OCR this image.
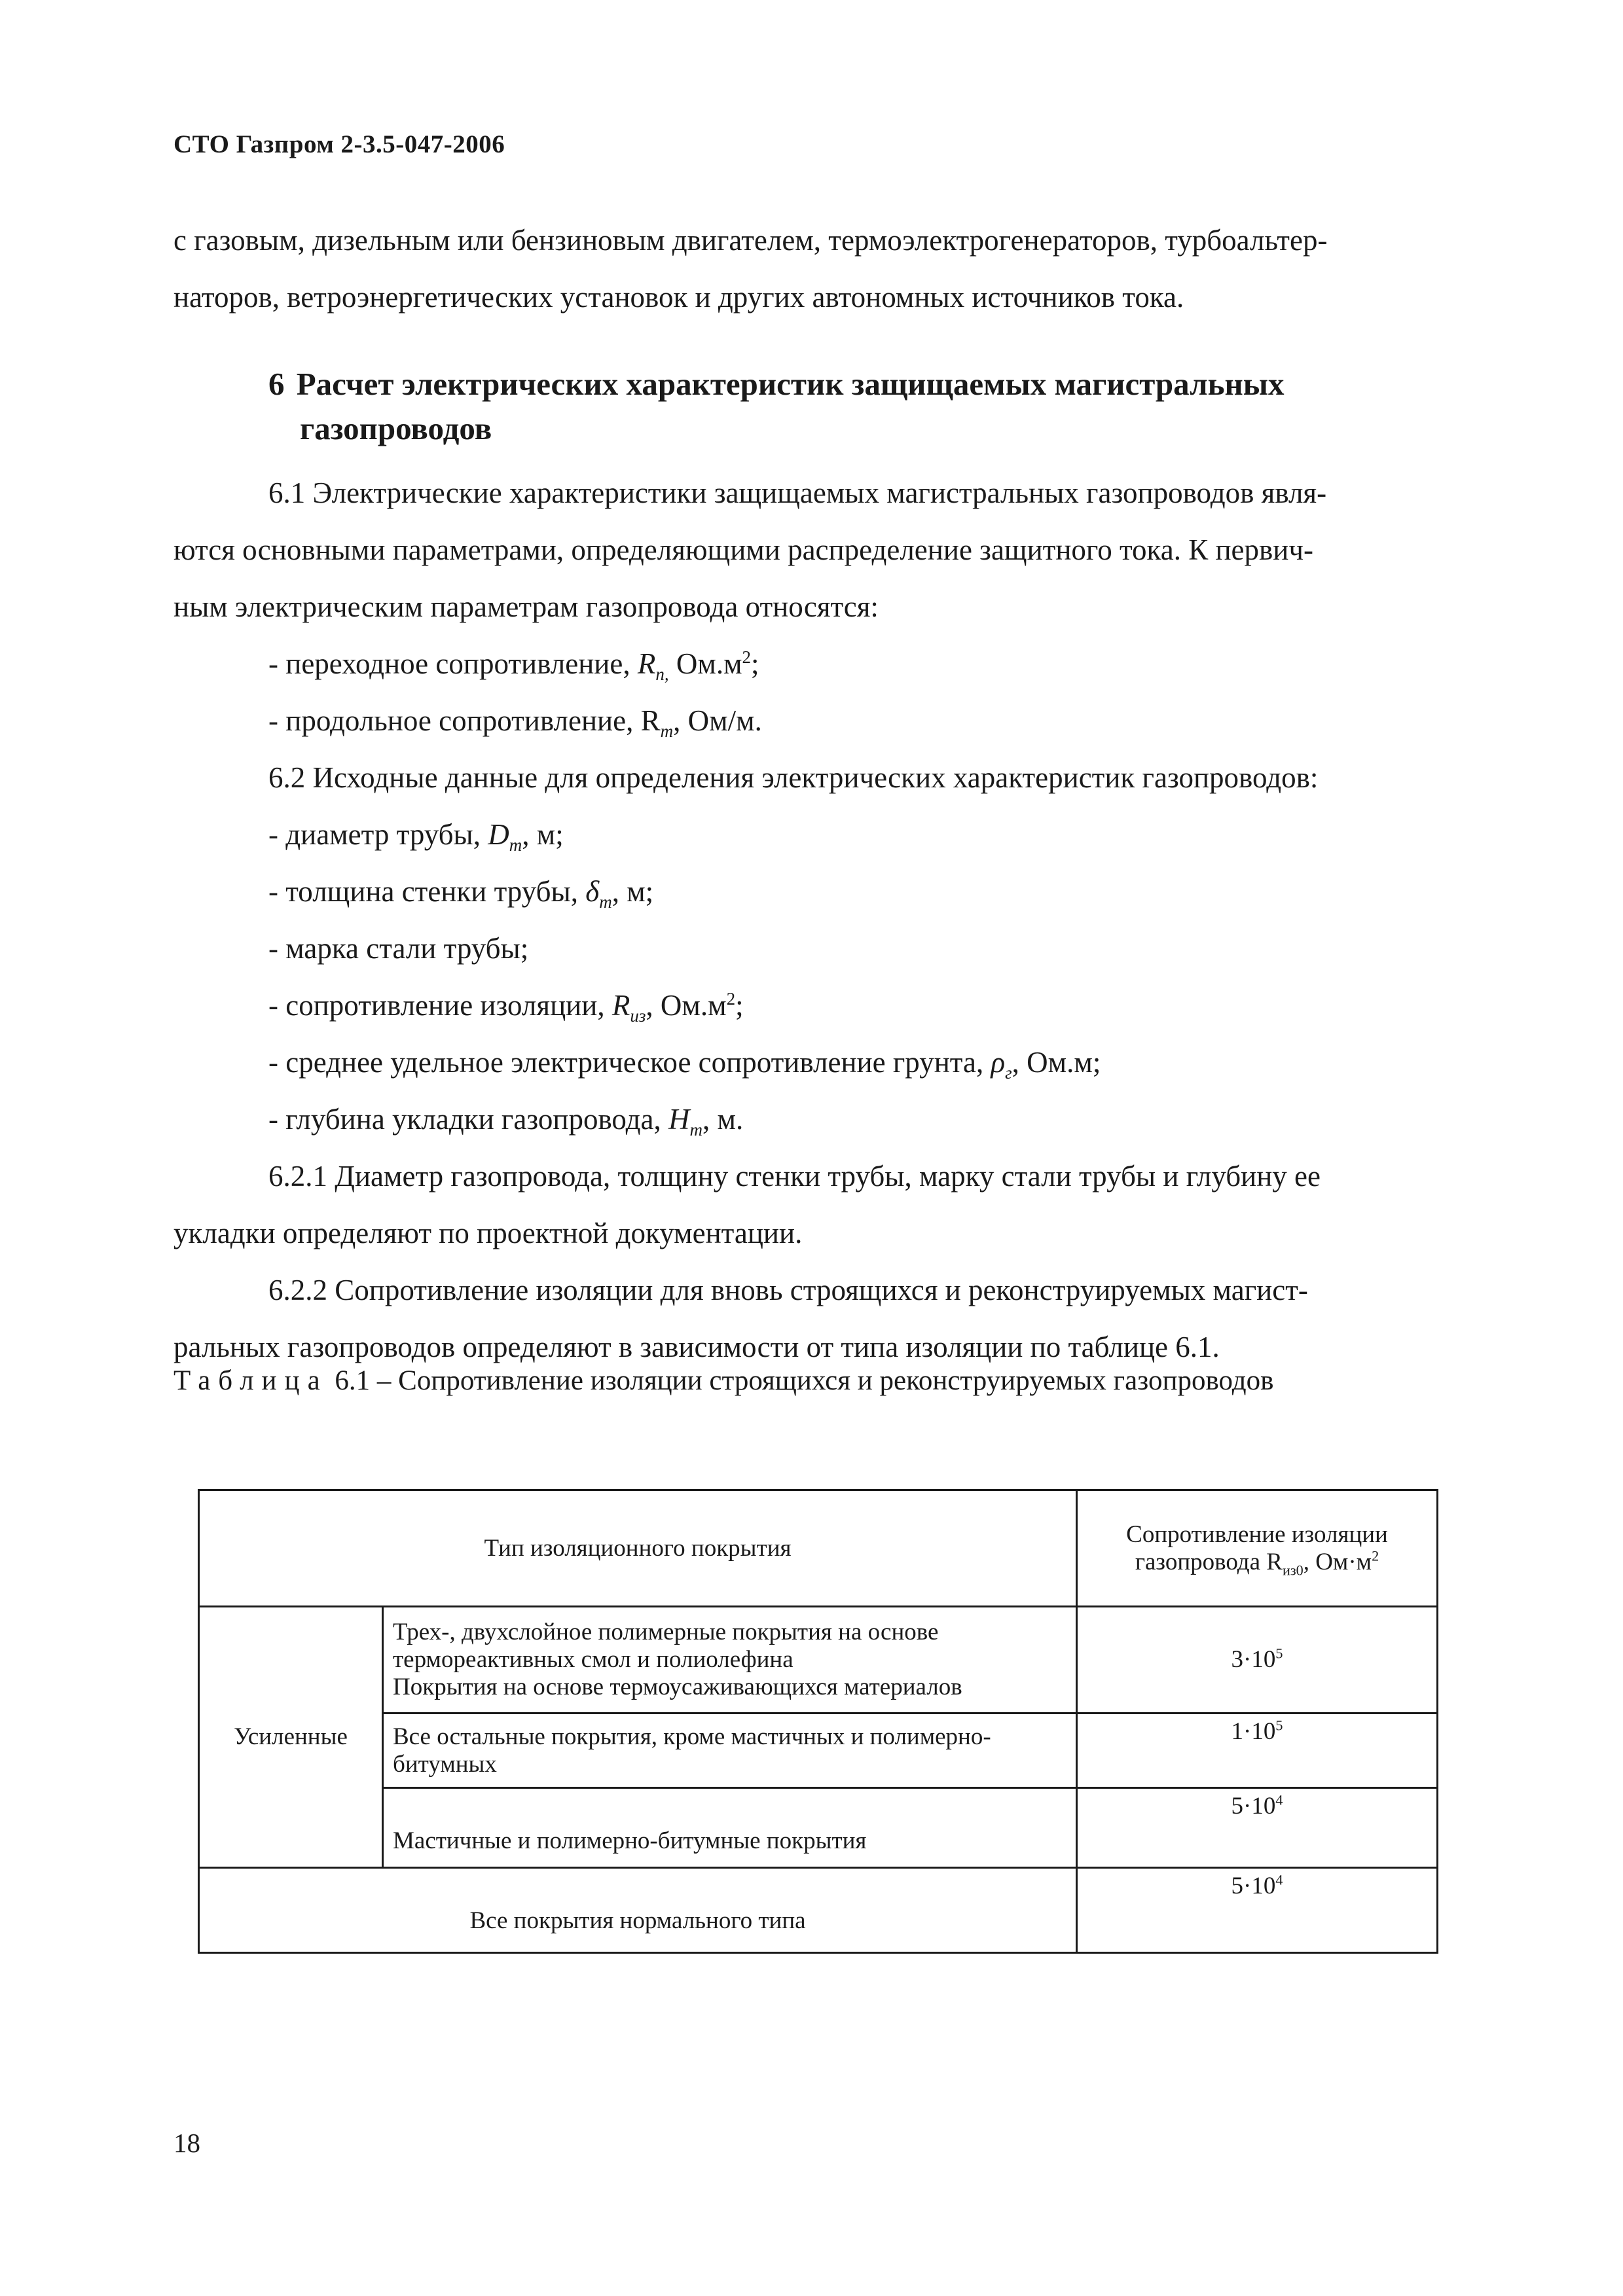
СТО Газпром 2-3.5-047-2006
с газовым, дизельным или бензиновым двигателем, термоэлектрогенераторов, турбоальтер-
наторов, ветроэнергетических установок и других автономных источников тока.
6 Расчет электрических характеристик защищаемых магистральных
газопроводов
6.1 Электрические характеристики защищаемых магистральных газопроводов явля-
ются основными параметрами, определяющими распределение защитного тока. К первич-
ным электрическим параметрам газопровода относятся:
- переходное сопротивление, $R_{п,}$ $Ом.м^2$;
- продольное сопротивление, $R_т$, Ом/м.
6.2 Исходные данные для определения электрических характеристик газопроводов:
- диаметр трубы, $D_т$, м;
- толщина стенки трубы, $\delta_т$, м;
- марка стали трубы;
- сопротивление изоляции, $R_{из}$, $Ом.м^2$;
- среднее удельное электрическое сопротивление грунта, $\rho_г$, Ом.м;
- глубина укладки газопровода, $H_т$, м.
6.2.1 Диаметр газопровода, толщину стенки трубы, марку стали трубы и глубину ее
укладки определяют по проектной документации.
6.2.2 Сопротивление изоляции для вновь строящихся и реконструируемых магист-
ральных газопроводов определяют в зависимости от типа изоляции по таблице 6.1.
Таблица 6.1 – Сопротивление изоляции строящихся и реконструируемых газопроводов
Тип изоляционного покрытия		Сопротивление изоляции
газопровода $R_{из0}$, $Ом\cdot м^2$

Усиленные	Трех-, двухслойное полимерные покрытия на основе
термореактивных смол и полиолефина
Покрытия на основе термоусаживающихся материалов	$3\cdot 10^5$

	Все остальные покрытия, кроме мастичных и полимерно-
битумных	$1\cdot 10^5$
	Мастичные и полимерно-битумные покрытия	$5\cdot 10^4$
Все покрытия нормального типа		$5\cdot 10^4$
18
